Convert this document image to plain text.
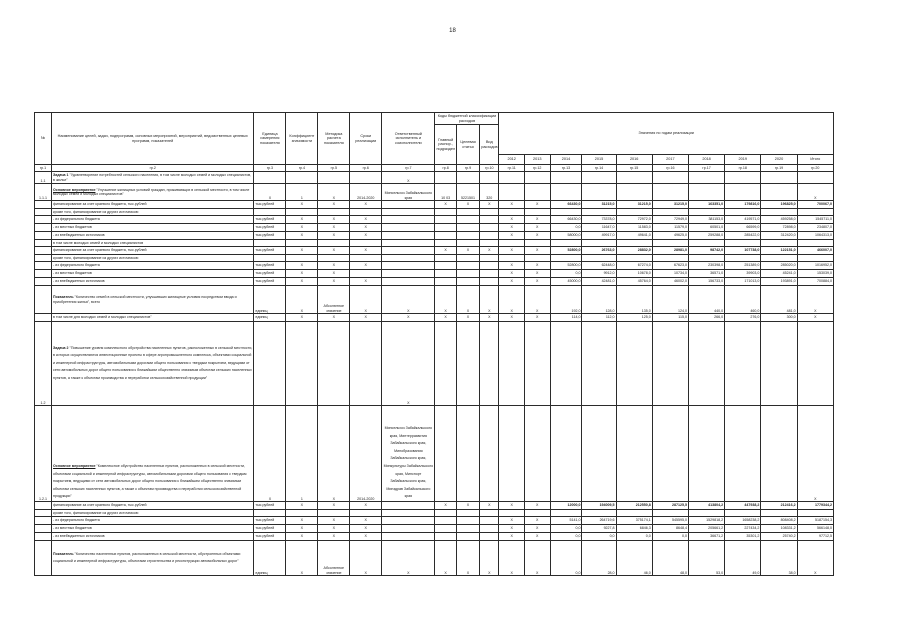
18
№	Наименование целей, задач, подпрограмм, основных мероприятий, мероприятий, ведомственных целевых программ, показателей	Единица измерения показателя	Коэффициент значимости	Методика расчета показателя	Сроки реализации	Ответственный исполнитель и соисполнители	Коды бюджетной классификации расходов			Значения по годам реализации									
							Главный распор., подраздел	Целевая статья	Вид расходов										
										2012	2013	2014	2015	2016	2017	2018	2019	2020	Итого
гр.1	гр.2	гр.3	гр.4	гр.5	гр.6	гр.7	гр.8	гр.9	гр.10	гр.11	гр.12	гр.13	гр.14	гр.15	гр.16	гр.17	гр.18	гр.19	гр.20
1.1	Задача 1 "Удовлетворение потребностей сельского населения, в том числе молодых семей и молодых специалистов, в жилье"					Х													
1.1.1	Основное мероприятие "Улучшение жилищных условий граждан, проживающих в сельской местности, в том числе молодых семей и молодых специалистов"	Х	1	Х	2014-2020	Минсельхоз Забайкальского края	10 03	5221501	320										Х
	финансирование за счет краевого бюджета, тыс.рублей	тыс.рублей	Х	Х	Х		Х	Х	Х	Х	Х	66430,0	31215,0	31215,0	31215,0	163351,0	179816,0	196825,0	700067,0
	кроме того, финансирование из других источников:																		
	- из федерального бюджета	тыс.рублей	Х	Х	Х					Х	Х	66430,0	73378,0	72972,0	72949,0	381153,0	419571,0	459258,0	1545711,0
	- из местных бюджетов	тыс.рублей	Х	Х	Х					Х	Х	0,0	11647,0	11583,0	11579,0	60501,0	66599,0	72898,0	234807,0
	- из внебюджетных источников	тыс.рублей	Х	Х	Х					Х	Х	58000,0	49917,0	49641,0	49625,0	259288,0	285422,0	312420,0	1064313,0
	в том числе молодых семей и молодых специалистов																		
	финансирование за счет краевого бюджета, тыс.рублей	тыс.рублей	Х	Х	Х		Х	Х	Х	Х	Х	52800,0	26763,0	28832,0	28981,0	98742,0	107738,0	122151,0	466007,0
	кроме того, финансирование из других источников:																		
	- из федерального бюджета	тыс.рублей	Х	Х	Х					Х	Х	52800,0	62448,0	67274,0	67623,0	230398,0	251389,0	285020,0	1016952,0
	- из местных бюджетов	тыс.рублей	Х	Х						Х	Х	0,0	9912,0	10678,0	10734,0	36571,0	39903,0	45241,0	153039,0
	- из внебюджетных источников	тыс.рублей	Х	Х	Х					Х	Х	45000,0	42481,0	45764,0	46002,0	156733,0	171013,0	193891,0	700884,0
	Показатель "Количество семей в сельской местности, улучшивших жилищные условия посредством ввода и приобретения жилья", всего	единиц	Х	Абсолютное значение	Х	Х	Х	Х	Х	Х	Х	192,0	128,0	135,0	124,0	440,0	460,0	481,0	Х
	в том числе для молодых семей и молодых специалистов"	единиц	Х	Х	Х	Х	Х	Х	Х	Х	Х	114,0	112,0	125,0	115,0	266,0	276,0	300,0	Х
1.2	Задача 2 "Повышение уровня комплексного обустройства населенных пунктов, расположенных в сельской местности, в которых осуществляются инвестиционные проекты в сфере агропромышленного комплекса, объектами социальной и инженерной инфраструктуры, автомобильными дорогами общего пользования с твердым покрытием, ведущими от сети автомобильных дорог общего пользования к ближайшим общественно значимым объектам сельских населенных пунктов, а также к объектам производства и переработки сельскохозяйственной продукции"					Х													
1.2.1	Основное мероприятие "Комплексное обустройство населенных пунктов, расположенных в сельской местности, объектами социальной и инженерной инфраструктуры, автомобильными дорогами общего пользования с твердым покрытием, ведущими от сети автомобильных дорог общего пользования к ближайшим общественно значимым объектам сельских населенных пунктов, а также к объектам производства и переработки сельскохозяйственной продукции"	Х	1	Х	2014-2020	Минсельхоз Забайкальского края, Минтерразвития Забайкальского края, Минобразования Забайкальского края, Минкультуры Забайкальского края, Минспорт Забайкальского края, Минздрав Забайкальского края													Х
	финансирование за счет краевого бюджета, тыс.рублей	тыс.рублей	Х	Х	Х		Х	Х	Х	Х	Х	12000,0	194009,5	212550,8	287125,5	413804,2	447938,2	212416,2	1779344,2
	кроме того, финансирование из других источников:																		
	- из федерального бюджета	тыс.рублей	Х	Х	Х					Х	Х	5141,0	264719,6	375174,1	545595,0	1529818,2	1658238,2	808408,2	5187154,3
	- из местных бюджетов	тыс.рублей	Х	Х	Х					Х	Х	0,0	9227,8	6846,3	8648,4	205661,2	227434,2	108331,2	566148,0
	- из внебюджетных источников	тыс.рублей	Х	Х	Х					Х	Х	0,0	0,0	0,0	0,0	36671,2	35301,2	25740,2	97712,5
	Показатель "Количество населенных пунктов, расположенных в сельской местности, обустроенных объектами социальной и инженерной инфраструктуры, объектами строительства и реконструкции автомобильных дорог"	единиц	Х	Абсолютное значение	Х	Х	Х	Х	Х	Х	Х	0,0	28,0	46,0	48,0	53,0	49,0	38,0	Х
